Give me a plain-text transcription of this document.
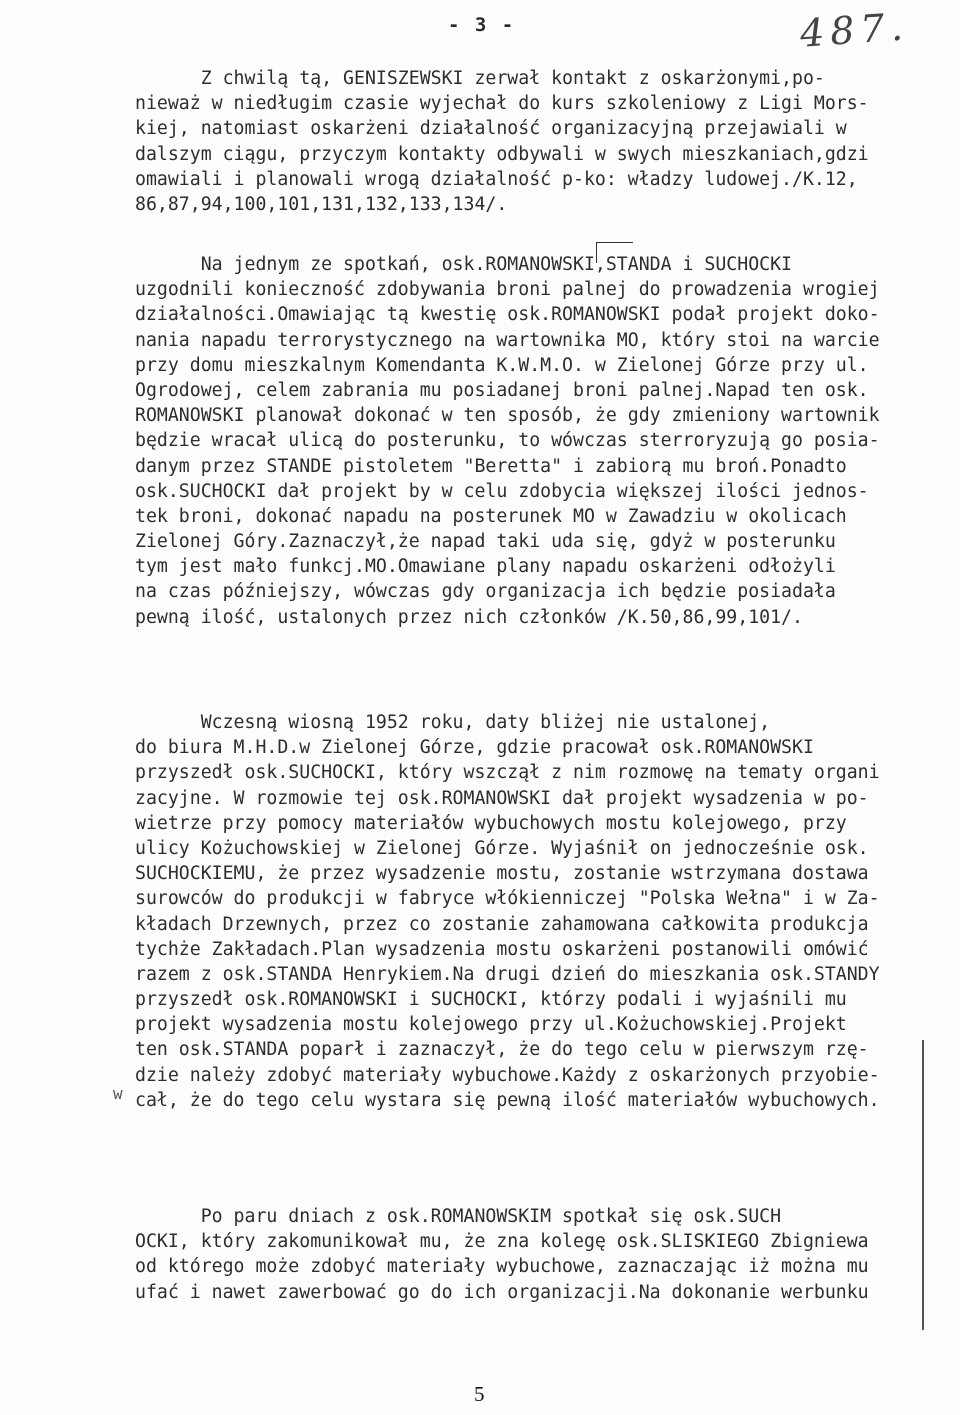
- 3 -	487.
Z chwilą tą, GENISZEWSKI zerwał kontakt z oskarżonymi,po-
nieważ w niedługim czasie wyjechał do kurs szkoleniowy z Ligi Mors-
kiej, natomiast oskarżeni działalność organizacyjną przejawiali w
dalszym ciągu, przyczym kontakty odbywali w swych mieszkaniach,gdzi
omawiali i planowali wrogą działalność p-ko: władzy ludowej./K.12,
86,87,94,100,101,131,132,133,134/.
Na jednym ze spotkań, osk.ROMANOWSKI,STANDA i SUCHOCKI
uzgodnili konieczność zdobywania broni palnej do prowadzenia wrogiej
działalności.Omawiając tą kwestię osk.ROMANOWSKI podał projekt doko-
nania napadu terrorystycznego na wartownika MO, który stoi na warcie
przy domu mieszkalnym Komendanta K.W.M.O. w Zielonej Górze przy ul.
Ogrodowej, celem zabrania mu posiadanej broni palnej.Napad ten osk.
ROMANOWSKI planował dokonać w ten sposób, że gdy zmieniony wartownik
będzie wracał ulicą do posterunku, to wówczas sterroryzują go posia-
danym przez STANDE pistoletem "Beretta" i zabiorą mu broń.Ponadto
osk.SUCHOCKI dał projekt by w celu zdobycia większej ilości jednos-
tek broni, dokonać napadu na posterunek MO w Zawadziu w okolicach
Zielonej Góry.Zaznaczył,że napad taki uda się, gdyż w posterunku
tym jest mało funkcj.MO.Omawiane plany napadu oskarżeni odłożyli
na czas późniejszy, wówczas gdy organizacja ich będzie posiadała
pewną ilość, ustalonych przez nich członków /K.50,86,99,101/.
Wczesną wiosną 1952 roku, daty bliżej nie ustalonej,
do biura M.H.D.w Zielonej Górze, gdzie pracował osk.ROMANOWSKI
przyszedł osk.SUCHOCKI, który wszczął z nim rozmowę na tematy organi
zacyjne. W rozmowie tej osk.ROMANOWSKI dał projekt wysadzenia w po-
wietrze przy pomocy materiałów wybuchowych mostu kolejowego, przy
ulicy Kożuchowskiej w Zielonej Górze. Wyjaśnił on jednocześnie osk.
SUCHOCKIEMU, że przez wysadzenie mostu, zostanie wstrzymana dostawa
surowców do produkcji w fabryce włókienniczej "Polska Wełna" i w Za-
kładach Drzewnych, przez co zostanie zahamowana całkowita produkcja
tychże Zakładach.Plan wysadzenia mostu oskarżeni postanowili omówić
razem z osk.STANDA Henrykiem.Na drugi dzień do mieszkania osk.STANDY
przyszedł osk.ROMANOWSKI i SUCHOCKI, którzy podali i wyjaśnili mu
projekt wysadzenia mostu kolejowego przy ul.Kożuchowskiej.Projekt
ten osk.STANDA poparł i zaznaczył, że do tego celu w pierwszym rzę-
dzie należy zdobyć materiały wybuchowe.Każdy z oskarżonych przyobie-
cał, że do tego celu wystara się pewną ilość materiałów wybuchowych.
w
Po paru dniach z osk.ROMANOWSKIM spotkał się osk.SUCH
OCKI, który zakomunikował mu, że zna kolegę osk.SLISKIEGO Zbigniewa
od którego może zdobyć materiały wybuchowe, zaznaczając iż można mu
ufać i nawet zawerbować go do ich organizacji.Na dokonanie werbunku
5
